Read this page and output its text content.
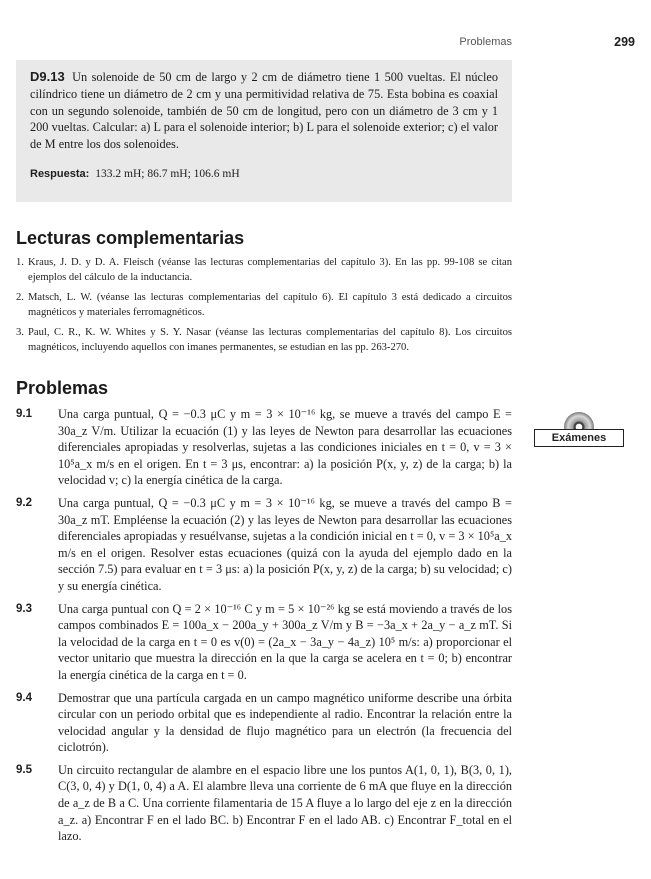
Problemas	299

D9.13 Un solenoide de 50 cm de largo y 2 cm de diámetro tiene 1 500 vueltas. El núcleo cilíndrico tiene un diámetro de 2 cm y una permitividad relativa de 75. Esta bobina es coaxial con un segundo solenoide, también de 50 cm de longitud, pero con un diámetro de 3 cm y 1 200 vueltas. Calcular: a) L para el solenoide interior; b) L para el solenoide exterior; c) el valor de M entre los dos solenoides.

Respuesta: 133.2 mH; 86.7 mH; 106.6 mH

Lecturas complementarias
1. Kraus, J. D. y D. A. Fleisch (véanse las lecturas complementarias del capítulo 3). En las pp. 99-108 se citan ejemplos del cálculo de la inductancia.
2. Matsch, L. W. (véanse las lecturas complementarias del capítulo 6). El capítulo 3 está dedicado a circuitos magnéticos y materiales ferromagnéticos.
3. Paul, C. R., K. W. Whites y S. Y. Nasar (véanse las lecturas complementarias del capítulo 8). Los circuitos magnéticos, incluyendo aquellos con imanes permanentes, se estudian en las pp. 263-270.
Problemas
Exámenes
9.1 Una carga puntual, Q = −0.3 μC y m = 3 × 10⁻¹⁶ kg, se mueve a través del campo E = 30a_z V/m. Utilizar la ecuación (1) y las leyes de Newton para desarrollar las ecuaciones diferenciales apropiadas y resolverlas, sujetas a las condiciones iniciales en t = 0, v = 3 × 10⁵a_x m/s en el origen. En t = 3 μs, encontrar: a) la posición P(x, y, z) de la carga; b) la velocidad v; c) la energía cinética de la carga.
9.2 Una carga puntual, Q = −0.3 μC y m = 3 × 10⁻¹⁶ kg, se mueve a través del campo B = 30a_z mT. Empléense la ecuación (2) y las leyes de Newton para desarrollar las ecuaciones diferenciales apropiadas y resuélvanse, sujetas a la condición inicial en t = 0, v = 3 × 10⁵a_x m/s en el origen. Resolver estas ecuaciones (quizá con la ayuda del ejemplo dado en la sección 7.5) para evaluar en t = 3 μs: a) la posición P(x, y, z) de la carga; b) su velocidad; c) y su energía cinética.
9.3 Una carga puntual con Q = 2 × 10⁻¹⁶ C y m = 5 × 10⁻²⁶ kg se está moviendo a través de los campos combinados E = 100a_x − 200a_y + 300a_z V/m y B = −3a_x + 2a_y − a_z mT. Si la velocidad de la carga en t = 0 es v(0) = (2a_x − 3a_y − 4a_z) 10⁵ m/s: a) proporcionar el vector unitario que muestra la dirección en la que la carga se acelera en t = 0; b) encontrar la energía cinética de la carga en t = 0.
9.4 Demostrar que una partícula cargada en un campo magnético uniforme describe una órbita circular con un periodo orbital que es independiente al radio. Encontrar la relación entre la velocidad angular y la densidad de flujo magnético para un electrón (la frecuencia del ciclotrón).
9.5 Un circuito rectangular de alambre en el espacio libre une los puntos A(1, 0, 1), B(3, 0, 1), C(3, 0, 4) y D(1, 0, 4) a A. El alambre lleva una corriente de 6 mA que fluye en la dirección de a_z de B a C. Una corriente filamentaria de 15 A fluye a lo largo del eje z en la dirección a_z. a) Encontrar F en el lado BC. b) Encontrar F en el lado AB. c) Encontrar F_total en el lazo.
